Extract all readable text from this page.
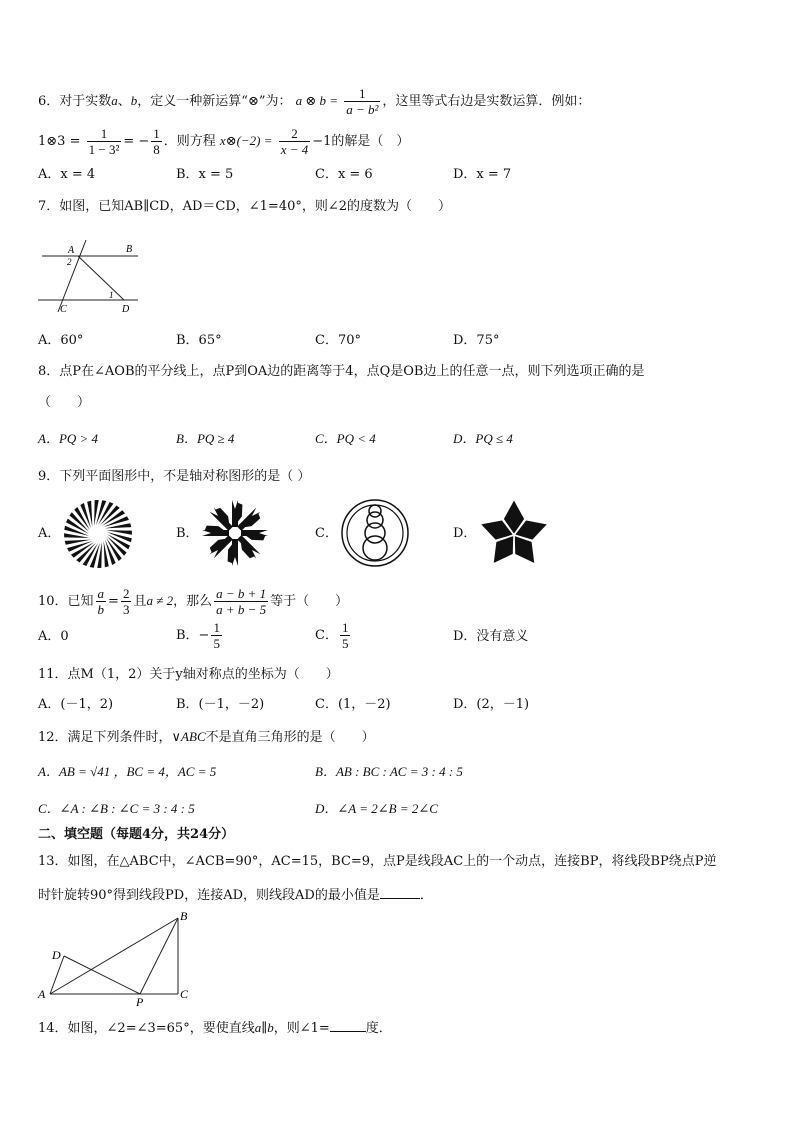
6．对于实数a、b，定义一种新运算“⊗”为： a ⊗ $b = \frac{1}{\text{a − b²}}$ ，这里等式右边是实数运算．例如：
1⊗3 = $\frac{1}{\text{1 − 3²}}$ = − $\frac{1}{8}$ ．则方程 x⊗(−2) = $\frac{2}{x - 4} -1$的解是（　）
A．x = 4	B．x = 5	C．x = 6	D．x = 7
7．如图，已知AB∥CD，AD＝CD，∠1=40°，则∠2的度数为（　　）
A	B
C	D
1
2
A．60°	B．65°	C．70°	D．75°
8．点P在∠AOB的平分线上，点P到OA边的距离等于4，点Q是OB边上的任意一点，则下列选项正确的是
（　　）
A．PQ > 4	B．PQ ≥ 4	C．PQ < 4	D．PQ ≤ 4
9．下列平面图形中，不是轴对称图形的是（ ）
A．	B．	C．	D．
10．已知 $\frac{a}{b} = \frac{2}{3}$ 且a ≠ 2，那么 $\frac{a - b + 1}{a + b - 5}$ 等于（　　）
A．0	B．− $\frac{1}{5}$	C． $\frac{1}{5}$	D．没有意义
11．点M（1，2）关于y轴对称点的坐标为（　　）
A．(－1，2)	B．(－1，－2)	C．(1，－2)	D．(2，－1)
12．满足下列条件时，∨ABC不是直角三角形的是（　　）
A．AB = √41 ，BC = 4，AC = 5	B．AB : BC : AC = 3 : 4 : 5
C．∠A : ∠B : ∠C = 3 : 4 : 5	D．∠A = 2∠B = 2∠C
二、填空题（每题4分，共24分）
13．如图，在△ABC中，∠ACB=90°，AC=15，BC=9，点P是线段AC上的一个动点，连接BP，将线段BP绕点P逆
时针旋转90°得到线段PD，连接AD，则线段AD的最小值是	．
A
B
C
D
P
14．如图，∠2=∠3=65°，要使直线a∥b，则∠1=	度．
